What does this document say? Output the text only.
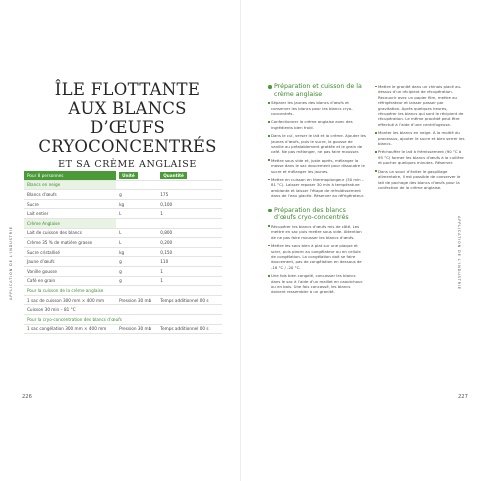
ÎLE FLOTTANTE
AUX BLANCS D’ŒUFS
CRYOCONCENTRÉS
ET SA CRÈME ANGLAISE
APPLICATION DE L'INDUSTRIE
Pour 8 personnes	Unité	Quantité
Blancs en neige		
Blancs d’œufs	g	175
Sucre	kg	0,100
Lait entier	L	1
Crème Anglaise		
Lait de cuisson des blancs	L	0,800
Crème 35 % de matière grasse	L	0,200
Sucre cristallisé	kg	0,150
Jaune d’œufs	g	110
Vanille gousse	g	1
Café en grain	g	1
Pour la cuisson de la crème anglaise		
1 sac de cuisson 300 mm × 400 mm	Pression 30 mb	Temps additionnel 00 s
Cuisson 30 min – 81 °C		
Pour la cryo-concentration des blancs d’œufs		
1 sac congélation 300 mm × 400 mm	Pression 30 mb	Temps additionnel 00 s
226
Préparation et cuisson de la crème anglaise
Séparer les jaunes des blancs d’œufs et conserver les blancs pour les blancs cryo-concentrés.
Confectionner la crème anglaise avec des ingrédients bien froid.
Dans le cul, verser le lait et la crème. Ajouter les jaunes d’œufs, puis le sucre, la gousse de vanille au préalablement grattée et le grain de café. Ne pas mélanger, ne pas faire mousser.
Mettre sous vide et, juste après, mélanger la masse dans le sac doucement pour dissoudre le sucre et mélanger les jaunes.
Mettre en cuisson en thermoplongeur (30 min – 81 °C). Laisser reposer 30 min à température ambiante et laisser l’étape de refroidissement dans de l’eau glacée. Réserver au réfrigérateur.
Préparation des blancs d’œufs cryo-concentrés
Récupérer les blancs d’œufs mis de côté. Les mettre en sac puis mettre sous vide. Attention de ne pas faire mousser les blancs d’œufs.
Mettre les sacs bien à plat sur une plaque et scier, puis placer au congélateur ou en cellule de congélation. La congélation doit se faire doucement, pas de congélation en dessous de -18 °C / -20 °C.
Une fois bien congelé, concasser les blancs dans le sac à l’aide d’un maillet en caoutchouc ou en bois. Une fois concassé, les blancs doivent ressembler à un granité.
Mettre le granité dans un chinois placé au-dessus d’un récipient de récupération. Recouvrir avec un papier film, mettre au réfrigérateur et laisser passer par gravitation. Après quelques heures, récupérer les blancs qui sont le récipient de récupération. Le même procédé peut être effectué à l’aide d’une centrifugeuse.
Monter les blancs en neige. À la moitié du processus, ajouter le sucre et bien serrer les blancs.
Préchauffer le lait à frémissement (90 °C à 95 °C) former les blancs d’œufs à la cuillère et pocher quelques minutes. Réserver.
Dans un souci d’éviter le gaspillage alimentaire, il est possible de conserver le lait de pochage des blancs d’œufs pour la confection de la crème anglaise.
APPLICATION DE L'INDUSTRIE
227
